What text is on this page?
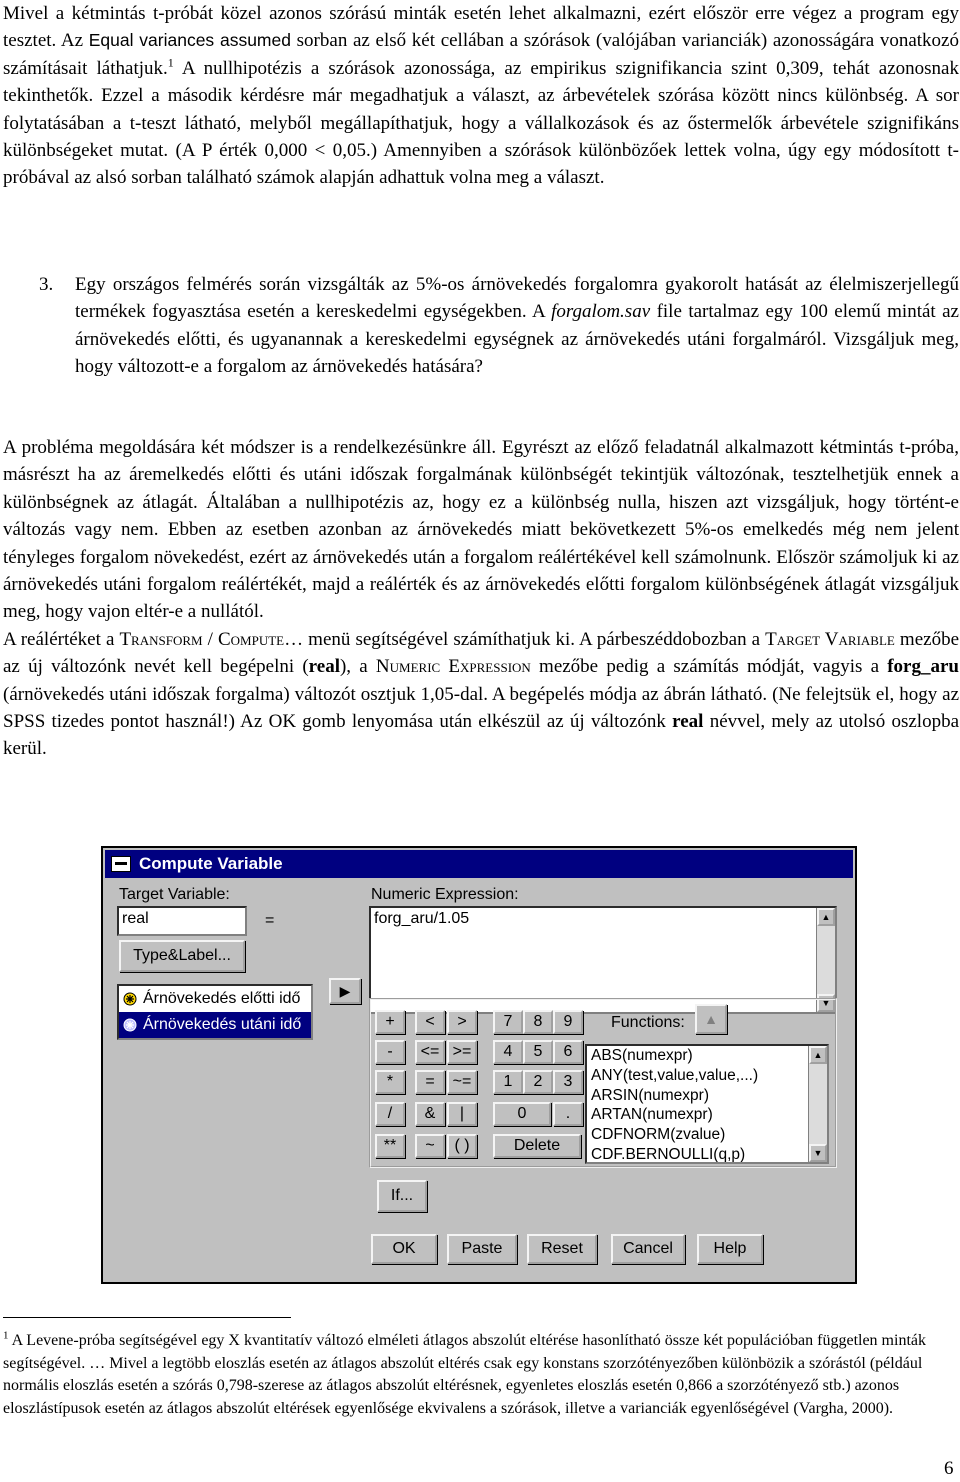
Mivel a kétmintás t-próbát közel azonos szórású minták esetén lehet alkalmazni, ezért először erre végez a program egy tesztet. Az Equal variances assumed sorban az első két cellában a szórások (valójában varianciák) azonosságára vonatkozó számításait láthatjuk.$^1$ A nullhipotézis a szórások azonossága, az empirikus szignifikancia szint 0,309, tehát azonosnak tekinthetők. Ezzel a második kérdésre már megadhatjuk a választ, az árbevételek szórása között nincs különbség. A sor folytatásában a t-teszt látható, melyből megállapíthatjuk, hogy a vállalkozások és az őstermelők árbevétele szignifikáns különbségeket mutat. (A P érték 0,000 < 0,05.) Amennyiben a szórások különbözőek lettek volna, úgy egy módosított t-próbával az alsó sorban található számok alapján adhattuk volna meg a választ.

3. Egy országos felmérés során vizsgálták az 5%-os árnövekedés forgalomra gyakorolt hatását az élelmiszerjellegű termékek fogyasztása esetén a kereskedelmi egységekben. A forgalom.sav file tartalmaz egy 100 elemű mintát az árnövekedés előtti, és ugyanannak a kereskedelmi egységnek az árnövekedés utáni forgalmáról. Vizsgáljuk meg, hogy változott-e a forgalom az árnövekedés hatására?

A probléma megoldására két módszer is a rendelkezésünkre áll. Egyrészt az előző feladatnál alkalmazott kétmintás t-próba, másrészt ha az áremelkedés előtti és utáni időszak forgalmának különbségét tekintjük változónak, tesztelhetjük ennek a különbségnek az átlagát. Általában a nullhipotézis az, hogy ez a különbség nulla, hiszen azt vizsgáljuk, hogy történt-e változás vagy nem. Ebben az esetben azonban az árnövekedés miatt bekövetkezett 5%-os emelkedés még nem jelent tényleges forgalom növekedést, ezért az árnövekedés után a forgalom reálértékével kell számolnunk. Először számoljuk ki az árnövekedés utáni forgalom reálértékét, majd a reálérték és az árnövekedés előtti forgalom különbségének átlagát vizsgáljuk meg, hogy vajon eltér-e a nullától.
A reálértéket a Transform / Compute… menü segítségével számíthatjuk ki. A párbeszéddobozban a Target Variable mezőbe az új változónk nevét kell begépelni (real), a Numeric Expression mezőbe pedig a számítás módját, vagyis a forg_aru (árnövekedés utáni időszak forgalma) változót osztjuk 1,05-dal. A begépelés módja az ábrán látható. (Ne felejtsük el, hogy az SPSS tizedes pontot használ!) Az OK gomb lenyomása után elkészül az új változónk real névvel, mely az utolsó oszlopba kerül.

Compute Variable
Target Variable:
real	=
Type&Label...
Numeric Expression:
forg_aru/1.05	▲
▼
Árnövekedés előtti idő
Árnövekedés utáni idő
▶
+	<	>	7	8	9
-	<= >=	4	5	6
*	=	~=	1	2	3
/	&	|	0	.
**	~	( )	Delete
Functions:	▲
ABS(numexpr)
ANY(test,value,value,...)
ARSIN(numexpr)
ARTAN(numexpr)
CDFNORM(zvalue)
CDF.BERNOULLI(q,p)
▲
▼
If...
OK	Paste	Reset	Cancel	Help

$^1$ A Levene-próba segítségével egy X kvantitatív változó elméleti átlagos abszolút eltérése hasonlítható össze két populációban független minták segítségével. … Mivel a legtöbb eloszlás esetén az átlagos abszolút eltérés csak egy konstans szorzótényezőben különbözik a szórástól (például normális eloszlás esetén a szórás 0,798-szerese az átlagos abszolút eltérésnek, egyenletes eloszlás esetén 0,866 a szorzótényező stb.) azonos eloszlástípusok esetén az átlagos abszolút eltérések egyenlősége ekvivalens a szórások, illetve a varianciák egyenlőségével (Vargha, 2000).

6
